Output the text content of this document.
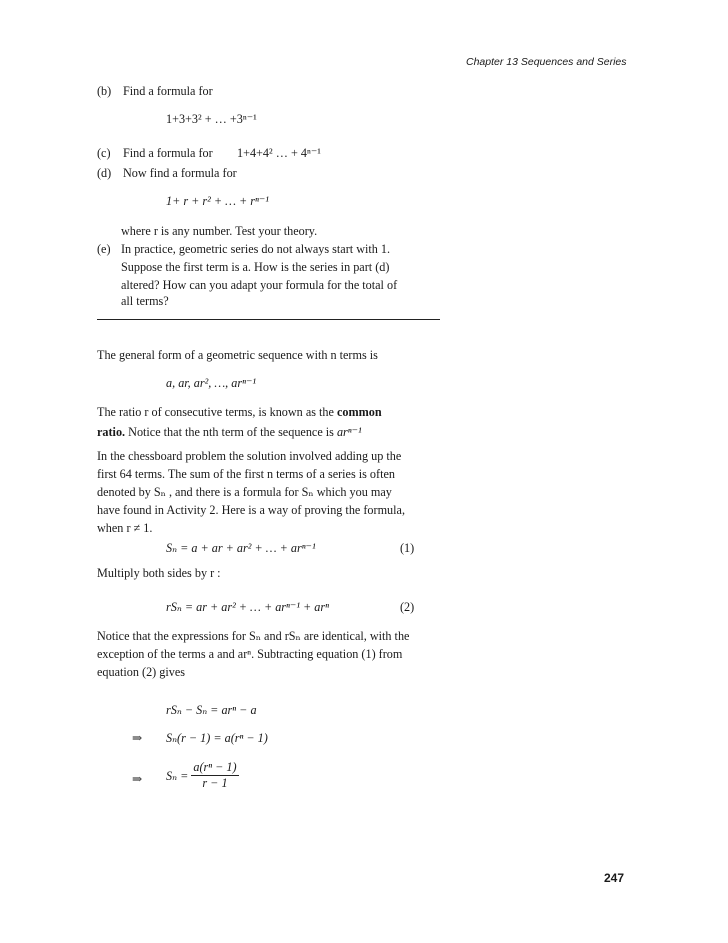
Chapter 13 Sequences and Series
(b) Find a formula for
1+3+3² + … +3ⁿ⁻¹
(c) Find a formula for 1+4+4² … + 4ⁿ⁻¹
(d) Now find a formula for
1+ r + r² + … + rⁿ⁻¹
where r is any number. Test your theory.
(e) In practice, geometric series do not always start with 1.
Suppose the first term is a. How is the series in part (d)
altered? How can you adapt your formula for the total of
all terms?
The general form of a geometric sequence with n terms is
a, ar, ar², …, arⁿ⁻¹
The ratio r of consecutive terms, is known as the common
ratio. Notice that the nth term of the sequence is arⁿ⁻¹
In the chessboard problem the solution involved adding up the
first 64 terms. The sum of the first n terms of a series is often
denoted by Sₙ , and there is a formula for Sₙ which you may
have found in Activity 2. Here is a way of proving the formula,
when r ≠ 1.
Sₙ = a + ar + ar² + … + arⁿ⁻¹	(1)
Multiply both sides by r :
rSₙ = ar + ar² + … + arⁿ⁻¹ + arⁿ	(2)
Notice that the expressions for Sₙ and rSₙ are identical, with the
exception of the terms a and arⁿ. Subtracting equation (1) from
equation (2) gives
rSₙ − Sₙ = arⁿ − a
⇒ Sₙ(r − 1) = a(rⁿ − 1)
⇒ $S_n = \frac{\text{a(rⁿ − 1)}}{r - 1}$
247
